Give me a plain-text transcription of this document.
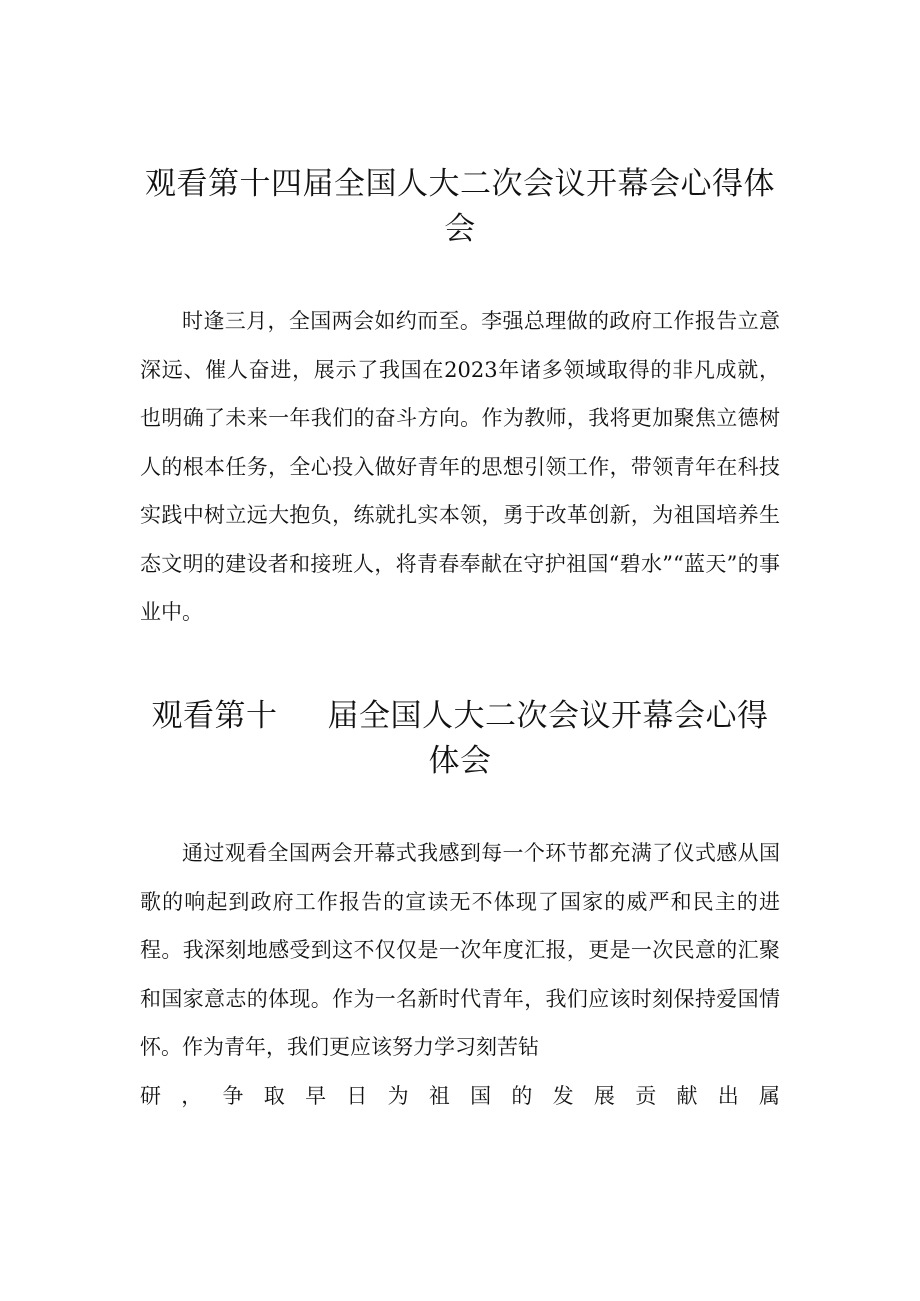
观看第十四届全国人大二次会议开幕会心得体会

时逢三月，全国两会如约而至。李强总理做的政府工作报告立意深远、催人奋进，展示了我国在2023年诸多领域取得的非凡成就，也明确了未来一年我们的奋斗方向。作为教师，我将更加聚焦立德树人的根本任务，全心投入做好青年的思想引领工作，带领青年在科技实践中树立远大抱负，练就扎实本领，勇于改革创新，为祖国培养生态文明的建设者和接班人，将青春奉献在守护祖国“碧水”“蓝天”的事业中。

观看第十 届全国人大二次会议开幕会心得体会

通过观看全国两会开幕式我感到每一个环节都充满了仪式感从国歌的响起到政府工作报告的宣读无不体现了国家的威严和民主的进程。我深刻地感受到这不仅仅是一次年度汇报，更是一次民意的汇聚和国家意志的体现。作为一名新时代青年，我们应该时刻保持爱国情怀。作为青年，我们更应该努力学习刻苦钻
研，争取早日为祖国的发展贡献出属
